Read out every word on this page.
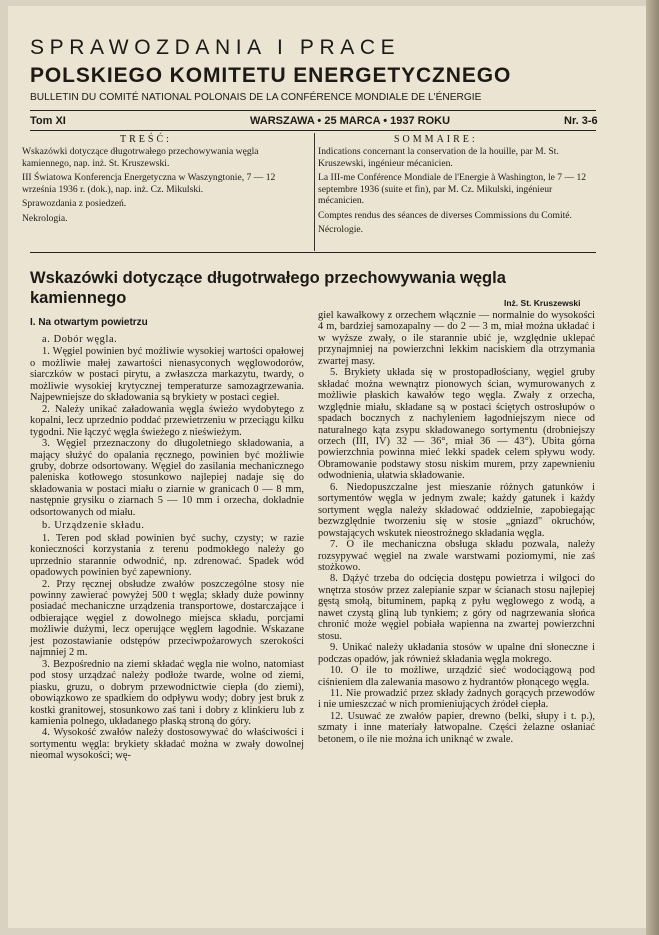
SPRAWOZDANIA I PRACE
POLSKIEGO KOMITETU ENERGETYCZNEGO
BULLETIN DU COMITÉ NATIONAL POLONAIS DE LA CONFÉRENCE MONDIALE DE L'ÉNERGIE
Tom XI	WARSZAWA • 25 MARCA • 1937 ROKU	Nr. 3-6
TREŚĆ:
Wskazówki dotyczące długotrwałego przechowywania węgla kamiennego, nap. inż. St. Kruszewski.
III Światowa Konferencja Energetyczna w Waszyngtonie, 7 — 12 września 1936 r. (dok.), nap. inż. Cz. Mikulski.
Sprawozdania z posiedzeń.
Nekrologia.
SOMMAIRE:
Indications concernant la conservation de la houille, par M. St. Kruszewski, ingénieur mécanicien.
La III-me Conférence Mondiale de l'Energie à Washington, le 7 — 12 septembre 1936 (suite et fin), par M. Cz. Mikulski, ingénieur mécanicien.
Comptes rendus des séances de diverses Commissions du Comité.
Nécrologie.
Wskazówki dotyczące długotrwałego przechowywania węgla kamiennego	Inż. St. Kruszewski
I. Na otwartym powietrzu
a. Dobór węgla.

1. Węgiel powinien być możliwie wysokiej wartości opałowej o możliwie małej zawartości nienasyconych węglowodorów, siarczków w postaci pirytu, a zwłaszcza markazytu, twardy, o możliwie wysokiej krytycznej temperaturze samozagrzewania. Najpewniejsze do składowania są brykiety w postaci cegieł.

2. Należy unikać załadowania węgla świeżo wydobytego z kopalni, lecz uprzednio poddać przewietrzeniu w przeciągu kilku tygodni. Nie łączyć węgla świeżego z nieświeżym.

3. Węgiel przeznaczony do długoletniego składowania, a mający służyć do opalania ręcznego, powinien być możliwie gruby, dobrze odsortowany. Węgiel do zasilania mechanicznego paleniska kotłowego stosunkowo najlepiej nadaje się do składowania w postaci miału o ziarnie w granicach 0 — 8 mm, następnie grysiku o ziarnach 5 — 10 mm i orzecha, dokładnie odsortowanych od miału.

b. Urządzenie składu.

1. Teren pod skład powinien być suchy, czysty; w razie konieczności korzystania z terenu podmokłego należy go uprzednio starannie odwodnić, np. zdrenować. Spadek wód opadowych powinien być zapewniony.

2. Przy ręcznej obsłudze zwałów poszczególne stosy nie powinny zawierać powyżej 500 t węgla; składy duże powinny posiadać mechaniczne urządzenia transportowe, dostarczające i odbierające węgiel z dowolnego miejsca składu, porcjami możliwie dużymi, lecz operujące węglem łagodnie. Wskazane jest pozostawianie odstępów przeciwpożarowych szerokości najmniej 2 m.

3. Bezpośrednio na ziemi składać węgla nie wolno, natomiast pod stosy urządzać należy podłoże twarde, wolne od ziemi, piasku, gruzu, o dobrym przewodnictwie ciepła (do ziemi), obowiązkowo ze spadkiem do odpływu wody; dobry jest bruk z kostki granitowej, stosunkowo zaś tani i dobry z klinkieru lub z kamienia polnego, układanego płaską stroną do góry.

4. Wysokość zwałów należy dostosowywać do właściwości i sortymentu węgla: brykiety składać można w zwały dowolnej nieomal wysokości; wę-

giel kawałkowy z orzechem włącznie — normalnie do wysokości 4 m, bardziej samozapalny — do 2 — 3 m, miał można układać i w wyższe zwały, o ile starannie ubić je, względnie uklepać przynajmniej na powierzchni lekkim naciskiem dla otrzymania zwartej masy.

5. Brykiety układa się w prostopadłościany, węgiel gruby składać można wewnątrz pionowych ścian, wymurowanych z możliwie płaskich kawałów tego węgla. Zwały z orzecha, względnie miału, składane są w postaci ściętych ostrosłupów o spadach bocznych z nachyleniem łagodniejszym niece od naturalnego kąta zsypu składowanego sortymentu (drobniejszy orzech (III, IV) 32 — 36°, miał 36 — 43°). Ubita górna powierzchnia powinna mieć lekki spadek celem spływu wody. Obramowanie podstawy stosu niskim murem, przy zapewnieniu odwodnienia, ułatwia składowanie.

6. Niedopuszczalne jest mieszanie różnych gatunków i sortymentów węgla w jednym zwale; każdy gatunek i każdy sortyment węgla należy składować oddzielnie, zapobiegając bezwzględnie tworzeniu się w stosie „gniazd" okruchów, powstających wskutek nieostrożnego składania węgla.

7. O ile mechaniczna obsługa składu pozwala, należy rozsypywać węgiel na zwale warstwami poziomymi, nie zaś stożkowo.

8. Dążyć trzeba do odcięcia dostępu powietrza i wilgoci do wnętrza stosów przez zalepianie szpar w ścianach stosu najlepiej gęstą smołą, bituminem, papką z pyłu węglowego z wodą, a nawet czystą gliną lub tynkiem; z góry od nagrzewania słońca chronić może węgiel pobiała wapienna na zwartej powierzchni stosu.

9. Unikać należy układania stosów w upalne dni słoneczne i podczas opadów, jak również składania węgla mokrego.

10. O ile to możliwe, urządzić sieć wodociągową pod ciśnieniem dla zalewania masowo z hydrantów płonącego węgla.

11. Nie prowadzić przez składy żadnych gorących przewodów i nie umieszczać w nich promieniujących źródeł ciepła.

12. Usuwać ze zwałów papier, drewno (belki, słupy i t. p.), szmaty i inne materiały łatwopalne. Części żelazne osłaniać betonem, o ile nie można ich uniknąć w zwale.
